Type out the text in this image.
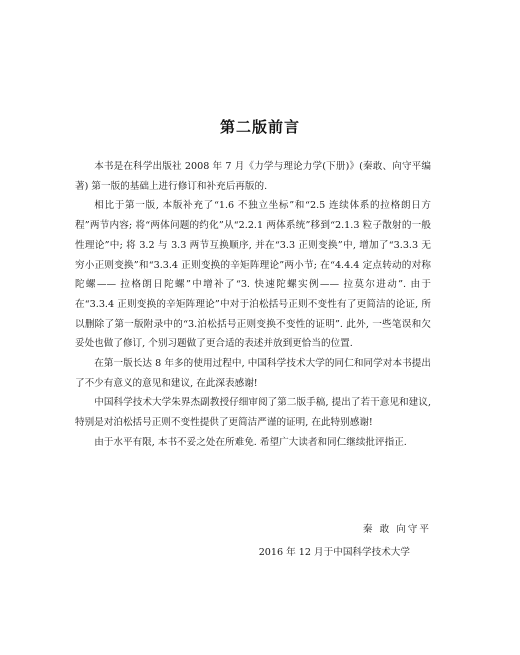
第二版前言

本书是在科学出版社 2008 年 7 月《力学与理论力学(下册)》(秦敢、向守平编著) 第一版的基础上进行修订和补充后再版的.

相比于第一版, 本版补充了“1.6 不独立坐标”和“2.5 连续体系的拉格朗日方程”两节内容; 将“两体问题的约化”从“2.2.1 两体系统”移到“2.1.3 粒子散射的一般性理论”中; 将 3.2 与 3.3 两节互换顺序, 并在“3.3 正则变换”中, 增加了“3.3.3 无穷小正则变换”和“3.3.4 正则变换的辛矩阵理论”两小节; 在“4.4.4 定点转动的对称陀螺—— 拉格朗日陀螺”中增补了“3. 快速陀螺实例—— 拉莫尔进动”. 由于在“3.3.4 正则变换的辛矩阵理论”中对于泊松括号正则不变性有了更简洁的论证, 所以删除了第一版附录中的“3.泊松括号正则变换不变性的证明”. 此外, 一些笔误和欠妥处也做了修订, 个别习题做了更合适的表述并放到更恰当的位置.

在第一版长达 8 年多的使用过程中, 中国科学技术大学的同仁和同学对本书提出了不少有意义的意见和建议, 在此深表感谢!

中国科学技术大学朱界杰副教授仔细审阅了第二版手稿, 提出了若干意见和建议, 特别是对泊松括号正则不变性提供了更简洁严谨的证明, 在此特别感谢!

由于水平有限, 本书不妥之处在所难免. 希望广大读者和同仁继续批评指正.

秦 敢 向守平
2016 年 12 月于中国科学技术大学
